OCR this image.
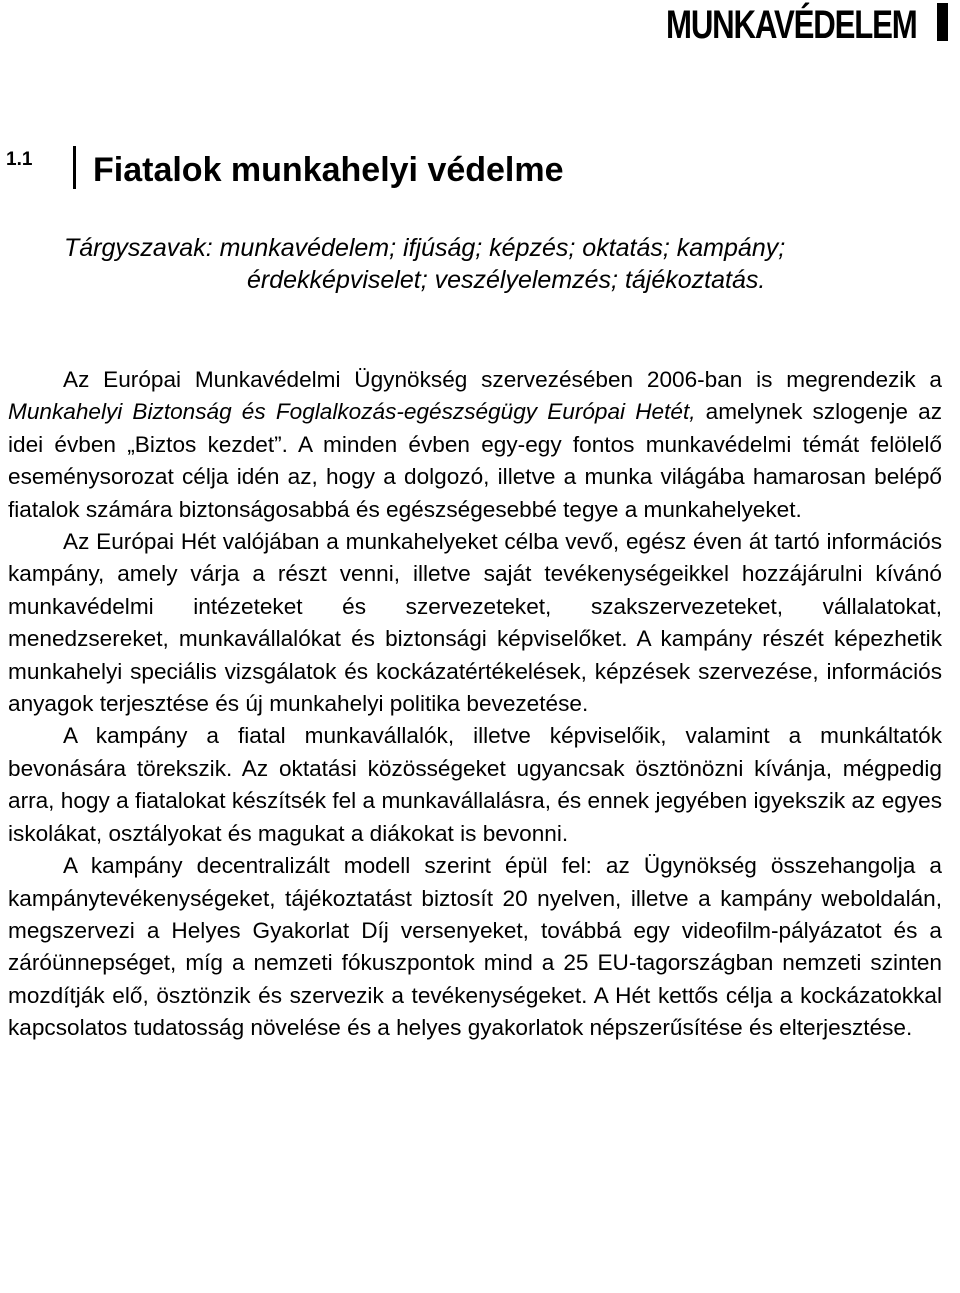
MUNKAVÉDELEM
1.1 Fiatalok munkahelyi védelme
Tárgyszavak: munkavédelem; ifjúság; képzés; oktatás; kampány;
érdekképviselet; veszélyelemzés; tájékoztatás.

Az Európai Munkavédelmi Ügynökség szervezésében 2006-ban is megrendezik a Munkahelyi Biztonság és Foglalkozás-egészségügy Európai Hetét, amelynek szlogenje az idei évben „Biztos kezdet”. A minden évben egy-egy fontos munkavédelmi témát felölelő eseménysorozat célja idén az, hogy a dolgozó, illetve a munka világába hamarosan belépő fiatalok számára biztonságosabbá és egészségesebbé tegye a munkahelyeket.

Az Európai Hét valójában a munkahelyeket célba vevő, egész éven át tartó információs kampány, amely várja a részt venni, illetve saját tevékenységeikkel hozzájárulni kívánó munkavédelmi intézeteket és szervezeteket, szakszervezeteket, vállalatokat, menedzsereket, munkavállalókat és biztonsági képviselőket. A kampány részét képezhetik munkahelyi speciális vizsgálatok és kockázatértékelések, képzések szervezése, információs anyagok terjesztése és új munkahelyi politika bevezetése.

A kampány a fiatal munkavállalók, illetve képviselőik, valamint a munkáltatók bevonására törekszik. Az oktatási közösségeket ugyancsak ösztönözni kívánja, mégpedig arra, hogy a fiatalokat készítsék fel a munkavállalásra, és ennek jegyében igyekszik az egyes iskolákat, osztályokat és magukat a diákokat is bevonni.

A kampány decentralizált modell szerint épül fel: az Ügynökség összehangolja a kampánytevékenységeket, tájékoztatást biztosít 20 nyelven, illetve a kampány weboldalán, megszervezi a Helyes Gyakorlat Díj versenyeket, továbbá egy videofilm-pályázatot és a záróünnepséget, míg a nemzeti fókuszpontok mind a 25 EU-tagországban nemzeti szinten mozdítják elő, ösztönzik és szervezik a tevékenységeket. A Hét kettős célja a kockázatokkal kapcsolatos tudatosság növelése és a helyes gyakorlatok népszerűsítése és elterjesztése.
